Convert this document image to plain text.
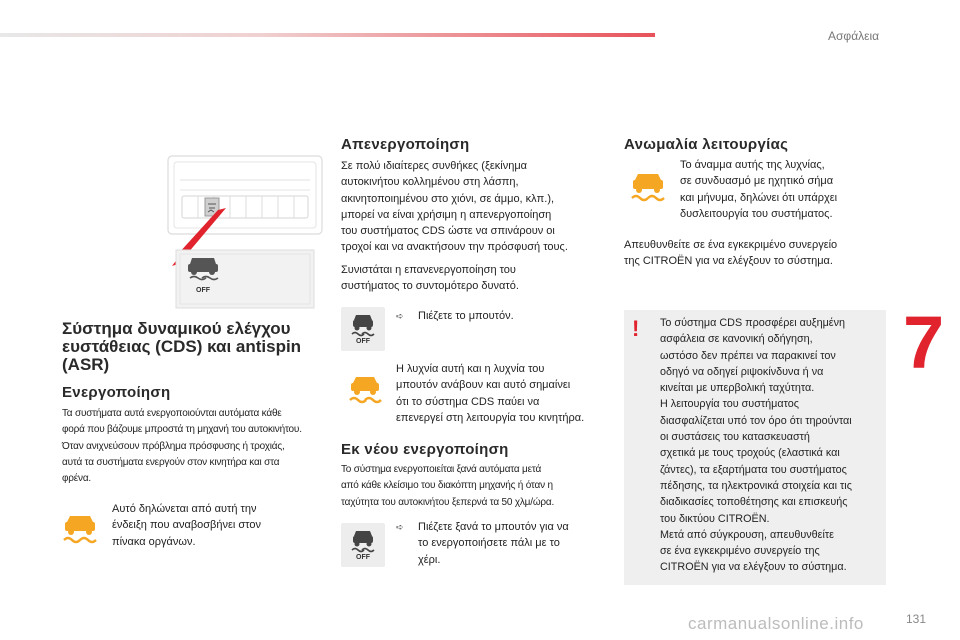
Ασφάλεια
7
131
carmanualsonline.info
OFF
Σύστημα δυναμικού ελέγχου ευστάθειας (CDS) και antispin (ASR)
Ενεργοποίηση
Τα συστήματα αυτά ενεργοποιούνται αυτόματα κάθε
φορά που βάζουμε μπροστά τη μηχανή του αυτοκινήτου.
Όταν ανιχνεύσουν πρόβλημα πρόσφυσης ή τροχιάς,
αυτά τα συστήματα ενεργούν στον κινητήρα και στα
φρένα.
Αυτό δηλώνεται από αυτή την
ένδειξη που αναβοσβήνει στον
πίνακα οργάνων.
Απενεργοποίηση
Σε πολύ ιδιαίτερες συνθήκες (ξεκίνημα
αυτοκινήτου κολλημένου στη λάσπη,
ακινητοποιημένου στο χιόνι, σε άμμο, κλπ.),
μπορεί να είναι χρήσιμη η απενεργοποίηση
του συστήματος CDS ώστε να σπινάρουν οι
τροχοί και να ανακτήσουν την πρόσφυσή τους.
Συνιστάται η επανενεργοποίηση του
συστήματος το συντομότερο δυνατό.
OFF
➪ Πιέζετε το μπουτόν.
Η λυχνία αυτή και η λυχνία του
μπουτόν ανάβουν και αυτό σημαίνει
ότι το σύστημα CDS παύει να
επενεργεί στη λειτουργία του κινητήρα.
Εκ νέου ενεργοποίηση
Το σύστημα ενεργοποιείται ξανά αυτόματα μετά
από κάθε κλείσιμο του διακόπτη μηχανής ή όταν η
ταχύτητα του αυτοκινήτου ξεπερνά τα 50 χλμ/ώρα.
OFF
➪ Πιέζετε ξανά το μπουτόν για να
το ενεργοποιήσετε πάλι με το
χέρι.
Ανωμαλία λειτουργίας
Το άναμμα αυτής της λυχνίας,
σε συνδυασμό με ηχητικό σήμα
και μήνυμα, δηλώνει ότι υπάρχει
δυσλειτουργία του συστήματος.
Απευθυνθείτε σε ένα εγκεκριμένο συνεργείο
της CITROËN για να ελέγξουν το σύστημα.
! Το σύστημα CDS προσφέρει αυξημένη
ασφάλεια σε κανονική οδήγηση,
ωστόσο δεν πρέπει να παρακινεί τον
οδηγό να οδηγεί ριψοκίνδυνα ή να
κινείται με υπερβολική ταχύτητα.
Η λειτουργία του συστήματος
διασφαλίζεται υπό τον όρο ότι τηρούνται
οι συστάσεις του κατασκευαστή
σχετικά με τους τροχούς (ελαστικά και
ζάντες), τα εξαρτήματα του συστήματος
πέδησης, τα ηλεκτρονικά στοιχεία και τις
διαδικασίες τοποθέτησης και επισκευής
του δικτύου CITROËN.
Μετά από σύγκρουση, απευθυνθείτε
σε ένα εγκεκριμένο συνεργείο της
CITROËN για να ελέγξουν το σύστημα.
